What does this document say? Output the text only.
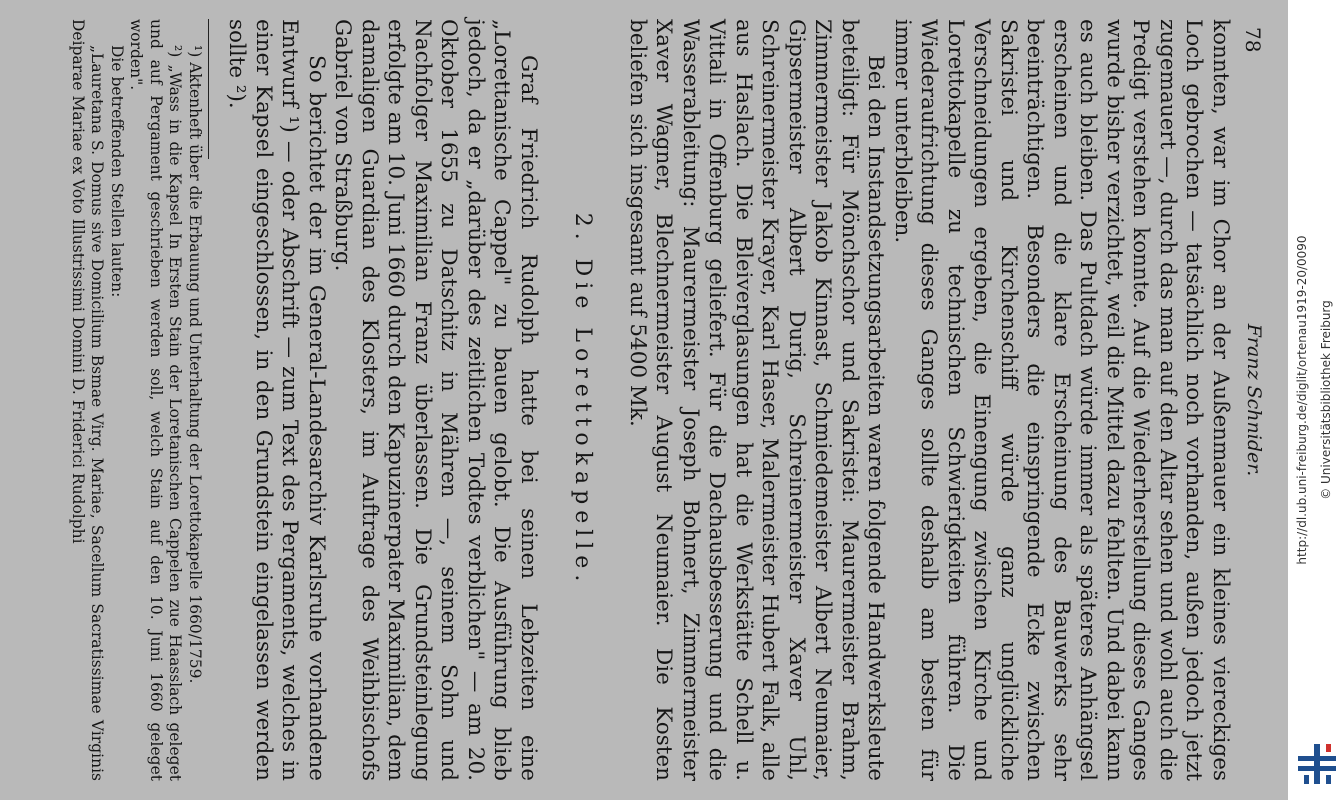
78
Franz Schnider.

konnten, war im Chor an der Außenmauer ein kleines viereckiges Loch gebrochen — tatsächlich noch vorhanden, außen jedoch jetzt zugemauert —, durch das man auf den Altar sehen und wohl auch die Predigt verstehen konnte. Auf die Wiederherstellung dieses Ganges wurde bisher verzichtet, weil die Mittel dazu fehlten. Und dabei kann es auch bleiben. Das Pultdach würde immer als späteres Anhängsel erscheinen und die klare Erscheinung des Bauwerks sehr beeinträchtigen. Besonders die einspringende Ecke zwischen Sakristei und Kirchenschiff würde ganz unglückliche Verschneidungen ergeben, die Einengung zwischen Kirche und Lorettokapelle zu technischen Schwierigkeiten führen. Die Wiederaufrichtung dieses Ganges sollte deshalb am besten für immer unterbleiben.

Bei den Instandsetzungsarbeiten waren folgende Handwerksleute beteiligt: Für Mönchschor und Sakristei: Maurermeister Brahm, Zimmermeister Jakob Kinnast, Schmiedemeister Albert Neumaier, Gipsermeister Albert Durig, Schreinermeister Xaver Uhl, Schreinermeister Krayer, Karl Haser, Malermeister Hubert Falk, alle aus Haslach. Die Bleiverglasungen hat die Werkstätte Schell u. Vittali in Offenburg geliefert. Für die Dachausbesserung und die Wasserableitung: Maurermeister Joseph Bohnert, Zimmermeister Xaver Wagner, Blechnermeister August Neumaier. Die Kosten beliefen sich insgesamt auf 5400 Mk.

2. Die Lorettokapelle.

Graf Friedrich Rudolph hatte bei seinen Lebzeiten eine „Lorettanische Cappel" zu bauen gelobt. Die Ausführung blieb jedoch, da er „darüber des zeitlichen Todtes verblichen" — am 20. Oktober 1655 zu Datschitz in Mähren —, seinem Sohn und Nachfolger Maximilian Franz überlassen. Die Grundsteinlegung erfolgte am 10. Juni 1660 durch den Kapuzinerpater Maximilian, dem damaligen Guardian des Klosters, im Auftrage des Weihbischofs Gabriel von Straßburg.

So berichtet der im General-Landesarchiv Karlsruhe vorhandene Entwurf ¹) — oder Abschrift — zum Text des Pergaments, welches in einer Kapsel eingeschlossen, in den Grundstein eingelassen werden sollte ²).

¹) Aktenheft über die Erbauung und Unterhaltung der Lorettokapelle 1660/1759.

²) „Wass in die Kapsel In Ersten Stain der Loretanischen Cappelen zue Haasslach geleget und auf Pergament geschrieben werden soll, welch Stain auf den 10. Juni 1660 geleget worden".

Die betreffenden Stellen lauten:

„Lauretana S. Domus sive Domicilium Bsmae Virg. Mariae, Sacellum Sacratissimae Virginis Deiparae Mariae ex Voto Illustrissimi Domini D. Friderici Rudolphi	http://dl.ub.uni-freiburg.de/diglit/ortenau1919-20/0090 © Universitätsbibliothek Freiburg
